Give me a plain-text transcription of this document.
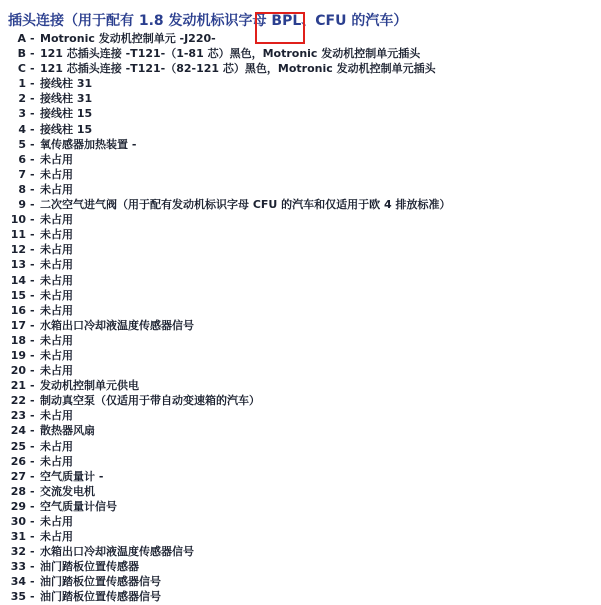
插头连接（用于配有 1.8 发动机标识字母 BPL、CFU 的汽车）
A - Motronic 发动机控制单元 -J220-
B - 121 芯插头连接 -T121-（1-81 芯）黑色，Motronic 发动机控制单元插头
C - 121 芯插头连接 -T121-（82-121 芯）黑色，Motronic 发动机控制单元插头
1 - 接线柱 31
2 - 接线柱 31
3 - 接线柱 15
4 - 接线柱 15
5 - 氧传感器加热装置 -
6 - 未占用
7 - 未占用
8 - 未占用
9 - 二次空气进气阀（用于配有发动机标识字母 CFU 的汽车和仅适用于欧 4 排放标准）
10 - 未占用
11 - 未占用
12 - 未占用
13 - 未占用
14 - 未占用
15 - 未占用
16 - 未占用
17 - 水箱出口冷却液温度传感器信号
18 - 未占用
19 - 未占用
20 - 未占用
21 - 发动机控制单元供电
22 - 制动真空泵（仅适用于带自动变速箱的汽车）
23 - 未占用
24 - 散热器风扇
25 - 未占用
26 - 未占用
27 - 空气质量计 -
28 - 交流发电机
29 - 空气质量计信号
30 - 未占用
31 - 未占用
32 - 水箱出口冷却液温度传感器信号
33 - 油门踏板位置传感器
34 - 油门踏板位置传感器信号
35 - 油门踏板位置传感器信号
